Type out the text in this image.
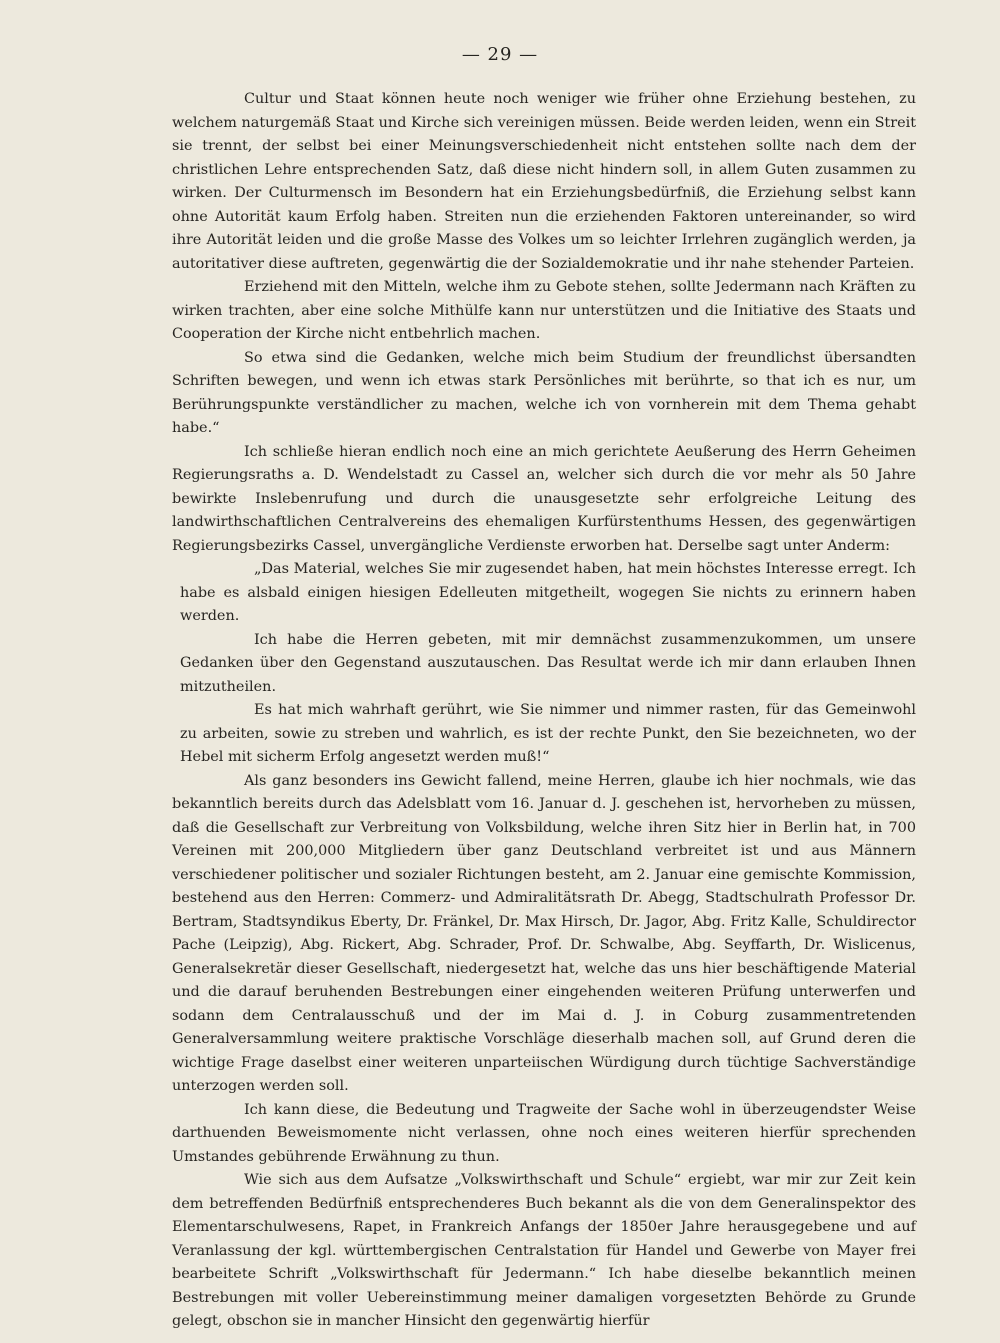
— 29 —

Cultur und Staat können heute noch weniger wie früher ohne Erziehung bestehen, zu welchem naturgemäß Staat und Kirche sich vereinigen müssen. Beide werden leiden, wenn ein Streit sie trennt, der selbst bei einer Meinungsverschiedenheit nicht entstehen sollte nach dem der christlichen Lehre entsprechenden Satz, daß diese nicht hindern soll, in allem Guten zusammen zu wirken. Der Culturmensch im Besondern hat ein Erziehungsbedürfniß, die Erziehung selbst kann ohne Autorität kaum Erfolg haben. Streiten nun die erziehenden Faktoren untereinander, so wird ihre Autorität leiden und die große Masse des Volkes um so leichter Irrlehren zugänglich werden, ja autoritativer diese auftreten, gegenwärtig die der Sozialdemokratie und ihr nahe stehender Parteien.

Erziehend mit den Mitteln, welche ihm zu Gebote stehen, sollte Jedermann nach Kräften zu wirken trachten, aber eine solche Mithülfe kann nur unterstützen und die Initiative des Staats und Cooperation der Kirche nicht entbehrlich machen.

So etwa sind die Gedanken, welche mich beim Studium der freundlichst übersandten Schriften bewegen, und wenn ich etwas stark Persönliches mit berührte, so that ich es nur, um Berührungspunkte verständlicher zu machen, welche ich von vornherein mit dem Thema gehabt habe.“

Ich schließe hieran endlich noch eine an mich gerichtete Aeußerung des Herrn Geheimen Regierungsraths a. D. Wendelstadt zu Cassel an, welcher sich durch die vor mehr als 50 Jahre bewirkte Inslebenrufung und durch die unausgesetzte sehr erfolgreiche Leitung des landwirthschaftlichen Centralvereins des ehemaligen Kurfürstenthums Hessen, des gegenwärtigen Regierungsbezirks Cassel, unvergängliche Verdienste erworben hat. Derselbe sagt unter Anderm:

„Das Material, welches Sie mir zugesendet haben, hat mein höchstes Interesse erregt. Ich habe es alsbald einigen hiesigen Edelleuten mitgetheilt, wogegen Sie nichts zu erinnern haben werden.

Ich habe die Herren gebeten, mit mir demnächst zusammenzukommen, um unsere Gedanken über den Gegenstand auszutauschen. Das Resultat werde ich mir dann erlauben Ihnen mitzutheilen.

Es hat mich wahrhaft gerührt, wie Sie nimmer und nimmer rasten, für das Gemeinwohl zu arbeiten, sowie zu streben und wahrlich, es ist der rechte Punkt, den Sie bezeichneten, wo der Hebel mit sicherm Erfolg angesetzt werden muß!“

Als ganz besonders ins Gewicht fallend, meine Herren, glaube ich hier nochmals, wie das bekanntlich bereits durch das Adelsblatt vom 16. Januar d. J. geschehen ist, hervorheben zu müssen, daß die Gesellschaft zur Verbreitung von Volksbildung, welche ihren Sitz hier in Berlin hat, in 700 Vereinen mit 200,000 Mitgliedern über ganz Deutschland verbreitet ist und aus Männern verschiedener politischer und sozialer Richtungen besteht, am 2. Januar eine gemischte Kommission, bestehend aus den Herren: Commerz- und Admiralitätsrath Dr. Abegg, Stadtschulrath Professor Dr. Bertram, Stadtsyndikus Eberty, Dr. Fränkel, Dr. Max Hirsch, Dr. Jagor, Abg. Fritz Kalle, Schuldirector Pache (Leipzig), Abg. Rickert, Abg. Schrader, Prof. Dr. Schwalbe, Abg. Seyffarth, Dr. Wislicenus, Generalsekretär dieser Gesellschaft, niedergesetzt hat, welche das uns hier beschäftigende Material und die darauf beruhenden Bestrebungen einer eingehenden weiteren Prüfung unterwerfen und sodann dem Centralausschuß und der im Mai d. J. in Coburg zusammentretenden Generalversammlung weitere praktische Vorschläge dieserhalb machen soll, auf Grund deren die wichtige Frage daselbst einer weiteren unparteiischen Würdigung durch tüchtige Sachverständige unterzogen werden soll.

Ich kann diese, die Bedeutung und Tragweite der Sache wohl in überzeugendster Weise darthuenden Beweismomente nicht verlassen, ohne noch eines weiteren hierfür sprechenden Umstandes gebührende Erwähnung zu thun.

Wie sich aus dem Aufsatze „Volkswirthschaft und Schule“ ergiebt, war mir zur Zeit kein dem betreffenden Bedürfniß entsprechenderes Buch bekannt als die von dem Generalinspektor des Elementarschulwesens, Rapet, in Frankreich Anfangs der 1850er Jahre herausgegebene und auf Veranlassung der kgl. württembergischen Centralstation für Handel und Gewerbe von Mayer frei bearbeitete Schrift „Volkswirthschaft für Jedermann.“ Ich habe dieselbe bekanntlich meinen Bestrebungen mit voller Uebereinstimmung meiner damaligen vorgesetzten Behörde zu Grunde gelegt, obschon sie in mancher Hinsicht den gegenwärtig hierfür
